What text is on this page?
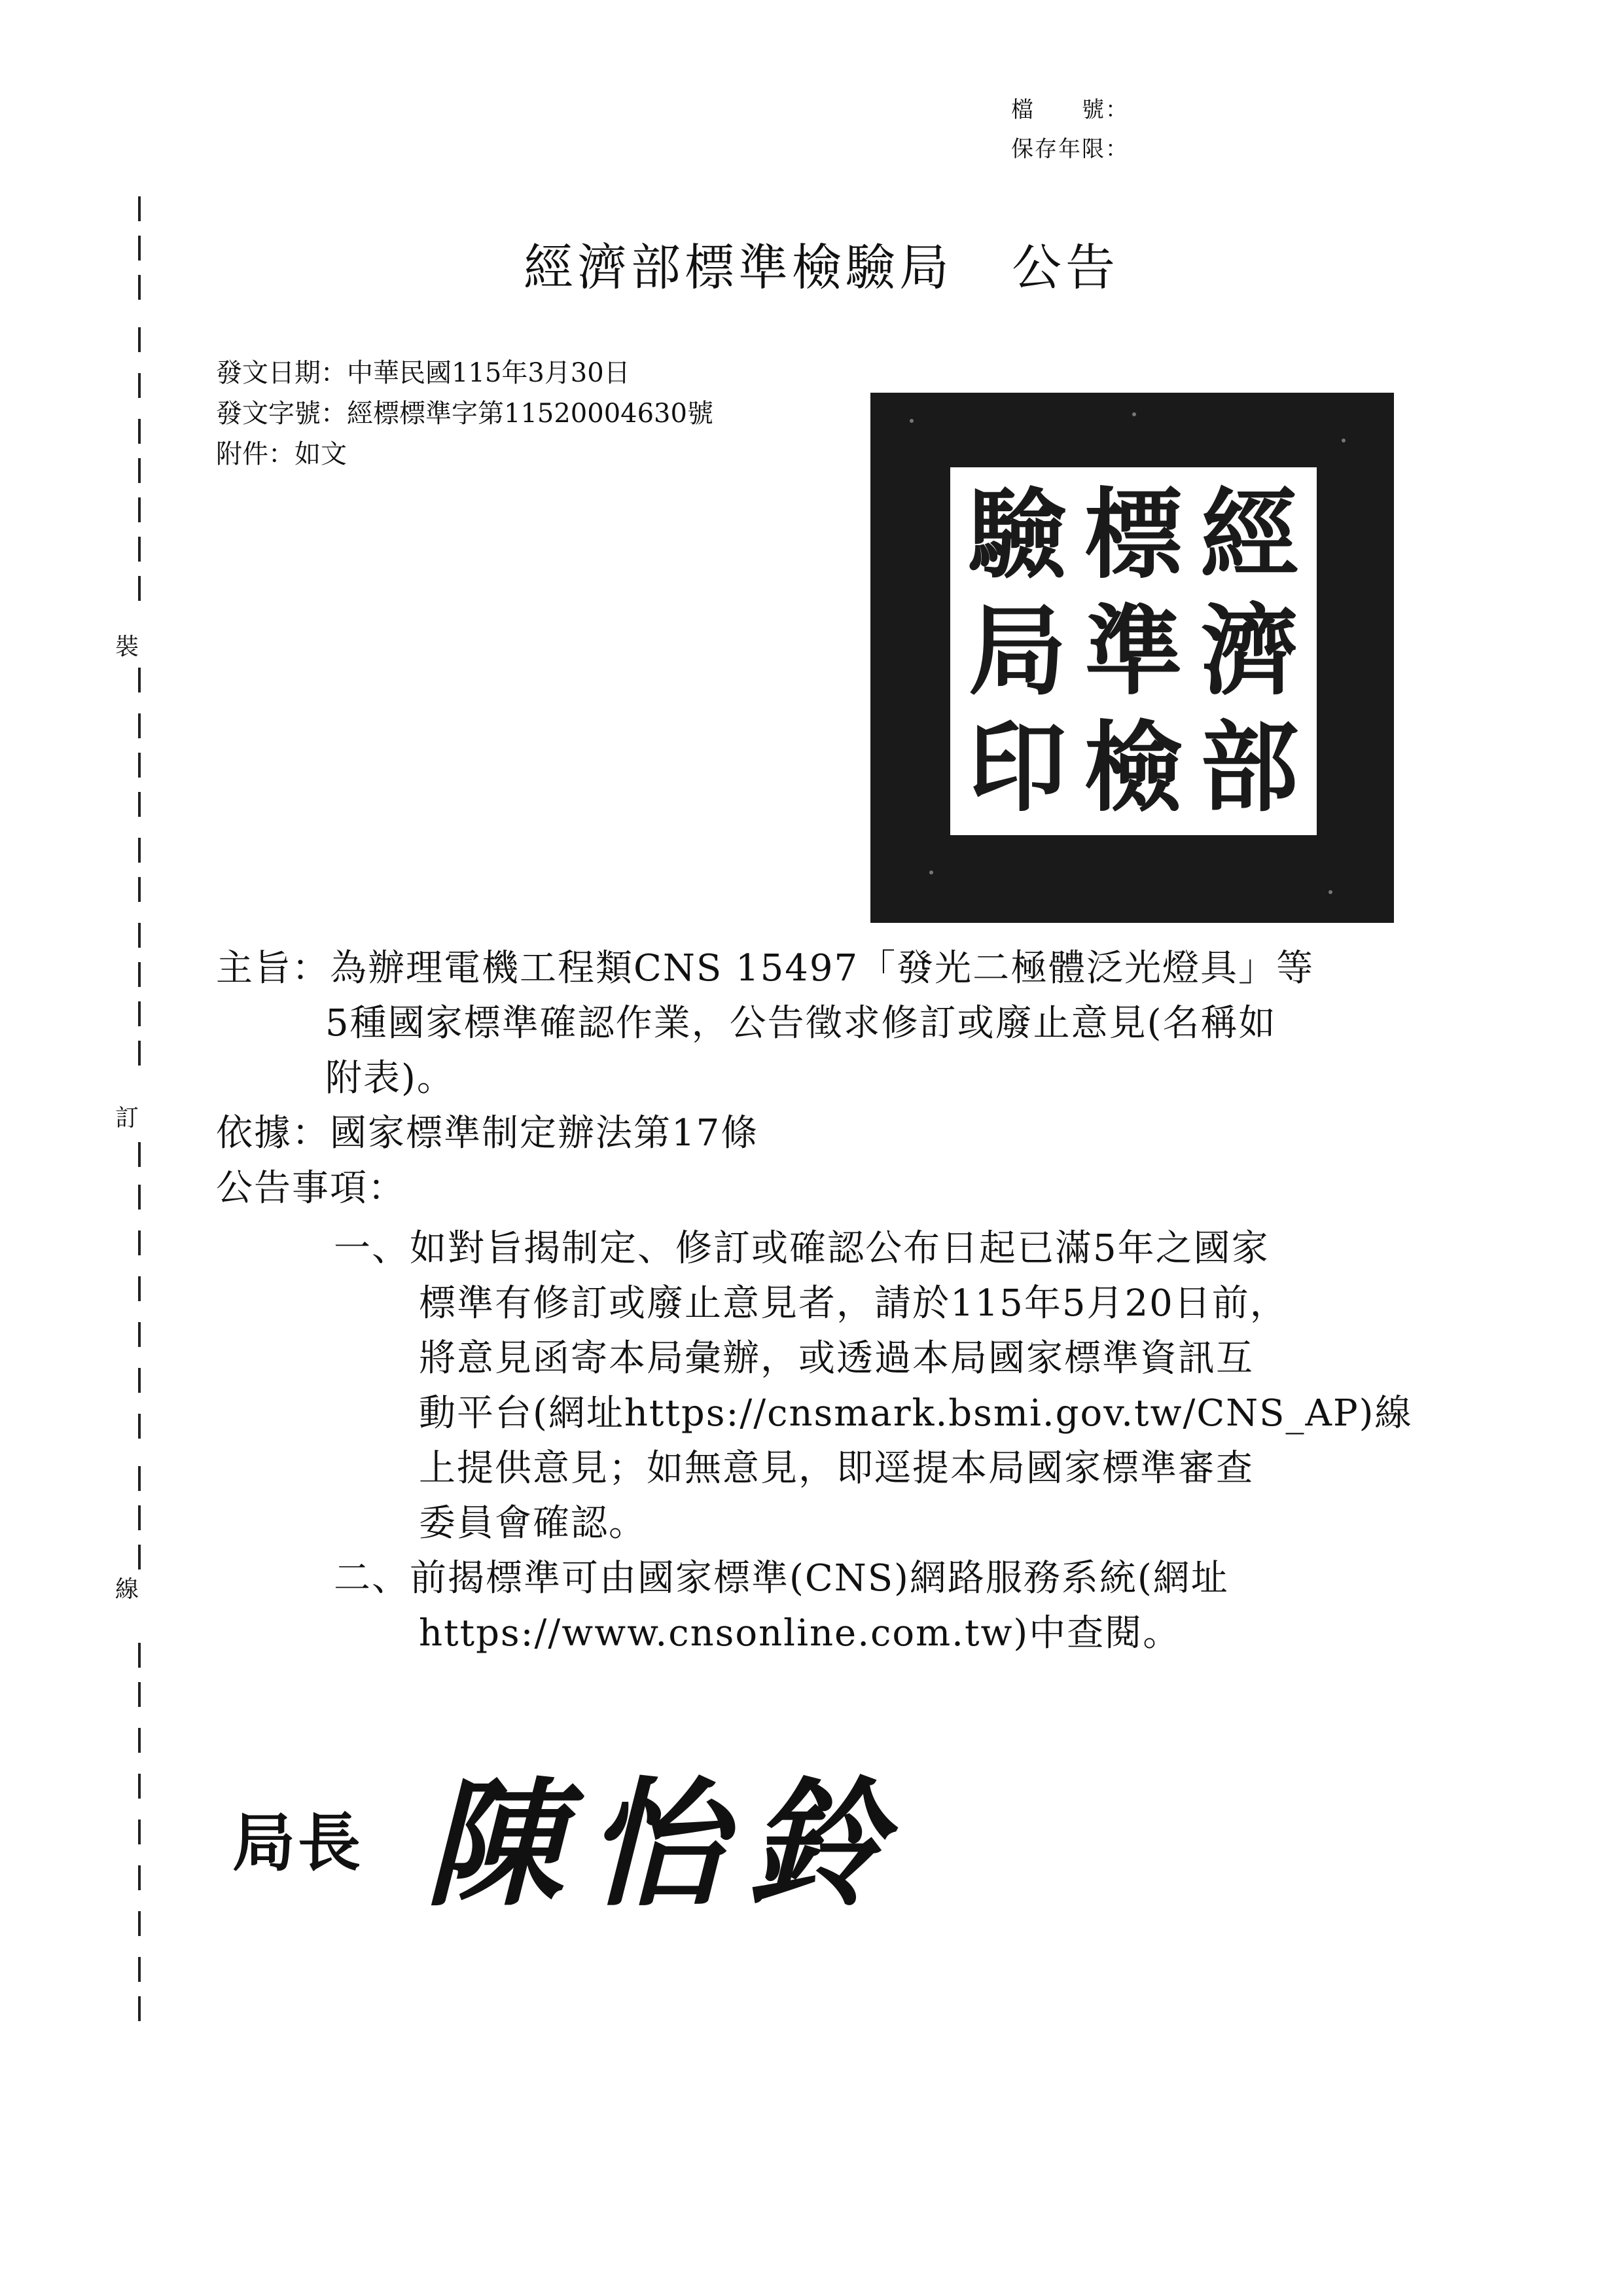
檔　　號：
保存年限：
裝
訂
線
經濟部標準檢驗局 公告
發文日期：中華民國115年3月30日
發文字號：經標標準字第11520004630號
附件：如文
經
標
驗
濟
準
局
部
檢
印
主旨：為辦理電機工程類CNS 15497「發光二極體泛光燈具」等
5種國家標準確認作業，公告徵求修訂或廢止意見(名稱如
附表)。
依據：國家標準制定辦法第17條
公告事項：
一、如對旨揭制定、修訂或確認公布日起已滿5年之國家
標準有修訂或廢止意見者，請於115年5月20日前，
將意見函寄本局彙辦，或透過本局國家標準資訊互
動平台(網址https://cnsmark.bsmi.gov.tw/CNS_AP)線
上提供意見；如無意見，即逕提本局國家標準審查
委員會確認。
二、前揭標準可由國家標準(CNS)網路服務系統(網址
https://www.cnsonline.com.tw)中查閱。
局長 陳怡鈴
